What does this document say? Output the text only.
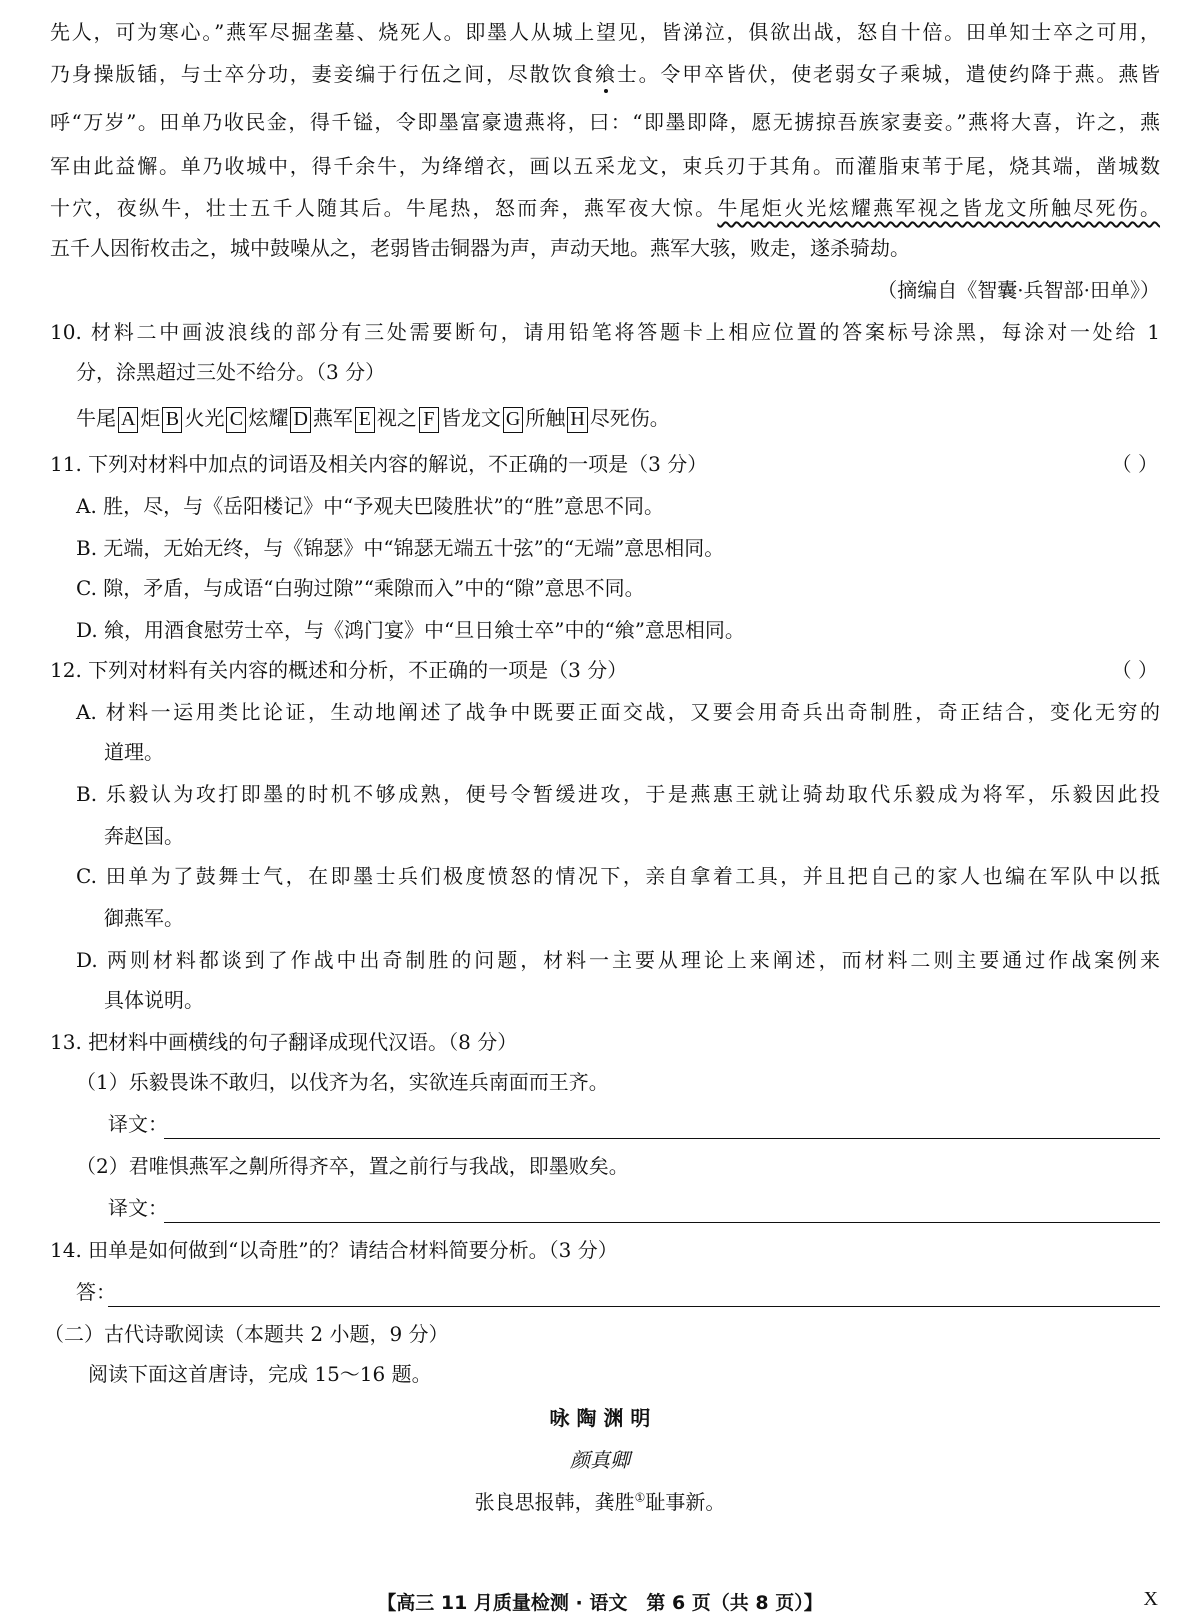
先人，可为寒心。”燕军尽掘垄墓、烧死人。即墨人从城上望见，皆涕泣，俱欲出战，怒自十倍。田单知士卒之可用，
乃身操版锸，与士卒分功，妻妾编于行伍之间，尽散饮食飨士。令甲卒皆伏，使老弱女子乘城，遣使约降于燕。燕皆
呼“万岁”。田单乃收民金，得千镒，令即墨富豪遗燕将，曰：“即墨即降，愿无掳掠吾族家妻妾。”燕将大喜，许之，燕
军由此益懈。单乃收城中，得千余牛，为绛缯衣，画以五采龙文，束兵刃于其角。而灌脂束苇于尾，烧其端，凿城数
十穴，夜纵牛，壮士五千人随其后。牛尾热，怒而奔，燕军夜大惊。牛尾炬火光炫耀燕军视之皆龙文所触尽死伤。
五千人因衔枚击之，城中鼓噪从之，老弱皆击铜器为声，声动天地。燕军大骇，败走，遂杀骑劫。
（摘编自《智囊·兵智部·田单》）
10. 材料二中画波浪线的部分有三处需要断句，请用铅笔将答题卡上相应位置的答案标号涂黑，每涂对一处给 1
分，涂黑超过三处不给分。（3 分）
牛尾 A 炬 B 火光 C 炫耀 D 燕军 E 视之 F 皆龙文 G 所触 H 尽死伤。
11. 下列对材料中加点的词语及相关内容的解说，不正确的一项是（3 分）	（ ）
A. 胜，尽，与《岳阳楼记》中“予观夫巴陵胜状”的“胜”意思不同。
B. 无端，无始无终，与《锦瑟》中“锦瑟无端五十弦”的“无端”意思相同。
C. 隙，矛盾，与成语“白驹过隙”“乘隙而入”中的“隙”意思不同。
D. 飨，用酒食慰劳士卒，与《鸿门宴》中“旦日飨士卒”中的“飨”意思相同。
12. 下列对材料有关内容的概述和分析，不正确的一项是（3 分）	（ ）
A. 材料一运用类比论证，生动地阐述了战争中既要正面交战，又要会用奇兵出奇制胜，奇正结合，变化无穷的
道理。
B. 乐毅认为攻打即墨的时机不够成熟，便号令暂缓进攻，于是燕惠王就让骑劫取代乐毅成为将军，乐毅因此投
奔赵国。
C. 田单为了鼓舞士气，在即墨士兵们极度愤怒的情况下，亲自拿着工具，并且把自己的家人也编在军队中以抵
御燕军。
D. 两则材料都谈到了作战中出奇制胜的问题，材料一主要从理论上来阐述，而材料二则主要通过作战案例来
具体说明。
13. 把材料中画横线的句子翻译成现代汉语。（8 分）
（1）乐毅畏诛不敢归，以伐齐为名，实欲连兵南面而王齐。
译文：
（2）君唯惧燕军之劓所得齐卒，置之前行与我战，即墨败矣。
译文：
14. 田单是如何做到“以奇胜”的？请结合材料简要分析。（3 分）
答：
（二）古代诗歌阅读（本题共 2 小题，9 分）
阅读下面这首唐诗，完成 15～16 题。
咏 陶 渊 明
颜真卿
张良思报韩，龚胜①耻事新。
【高三 11 月质量检测 · 语文　第 6 页（共 8 页）】	X
